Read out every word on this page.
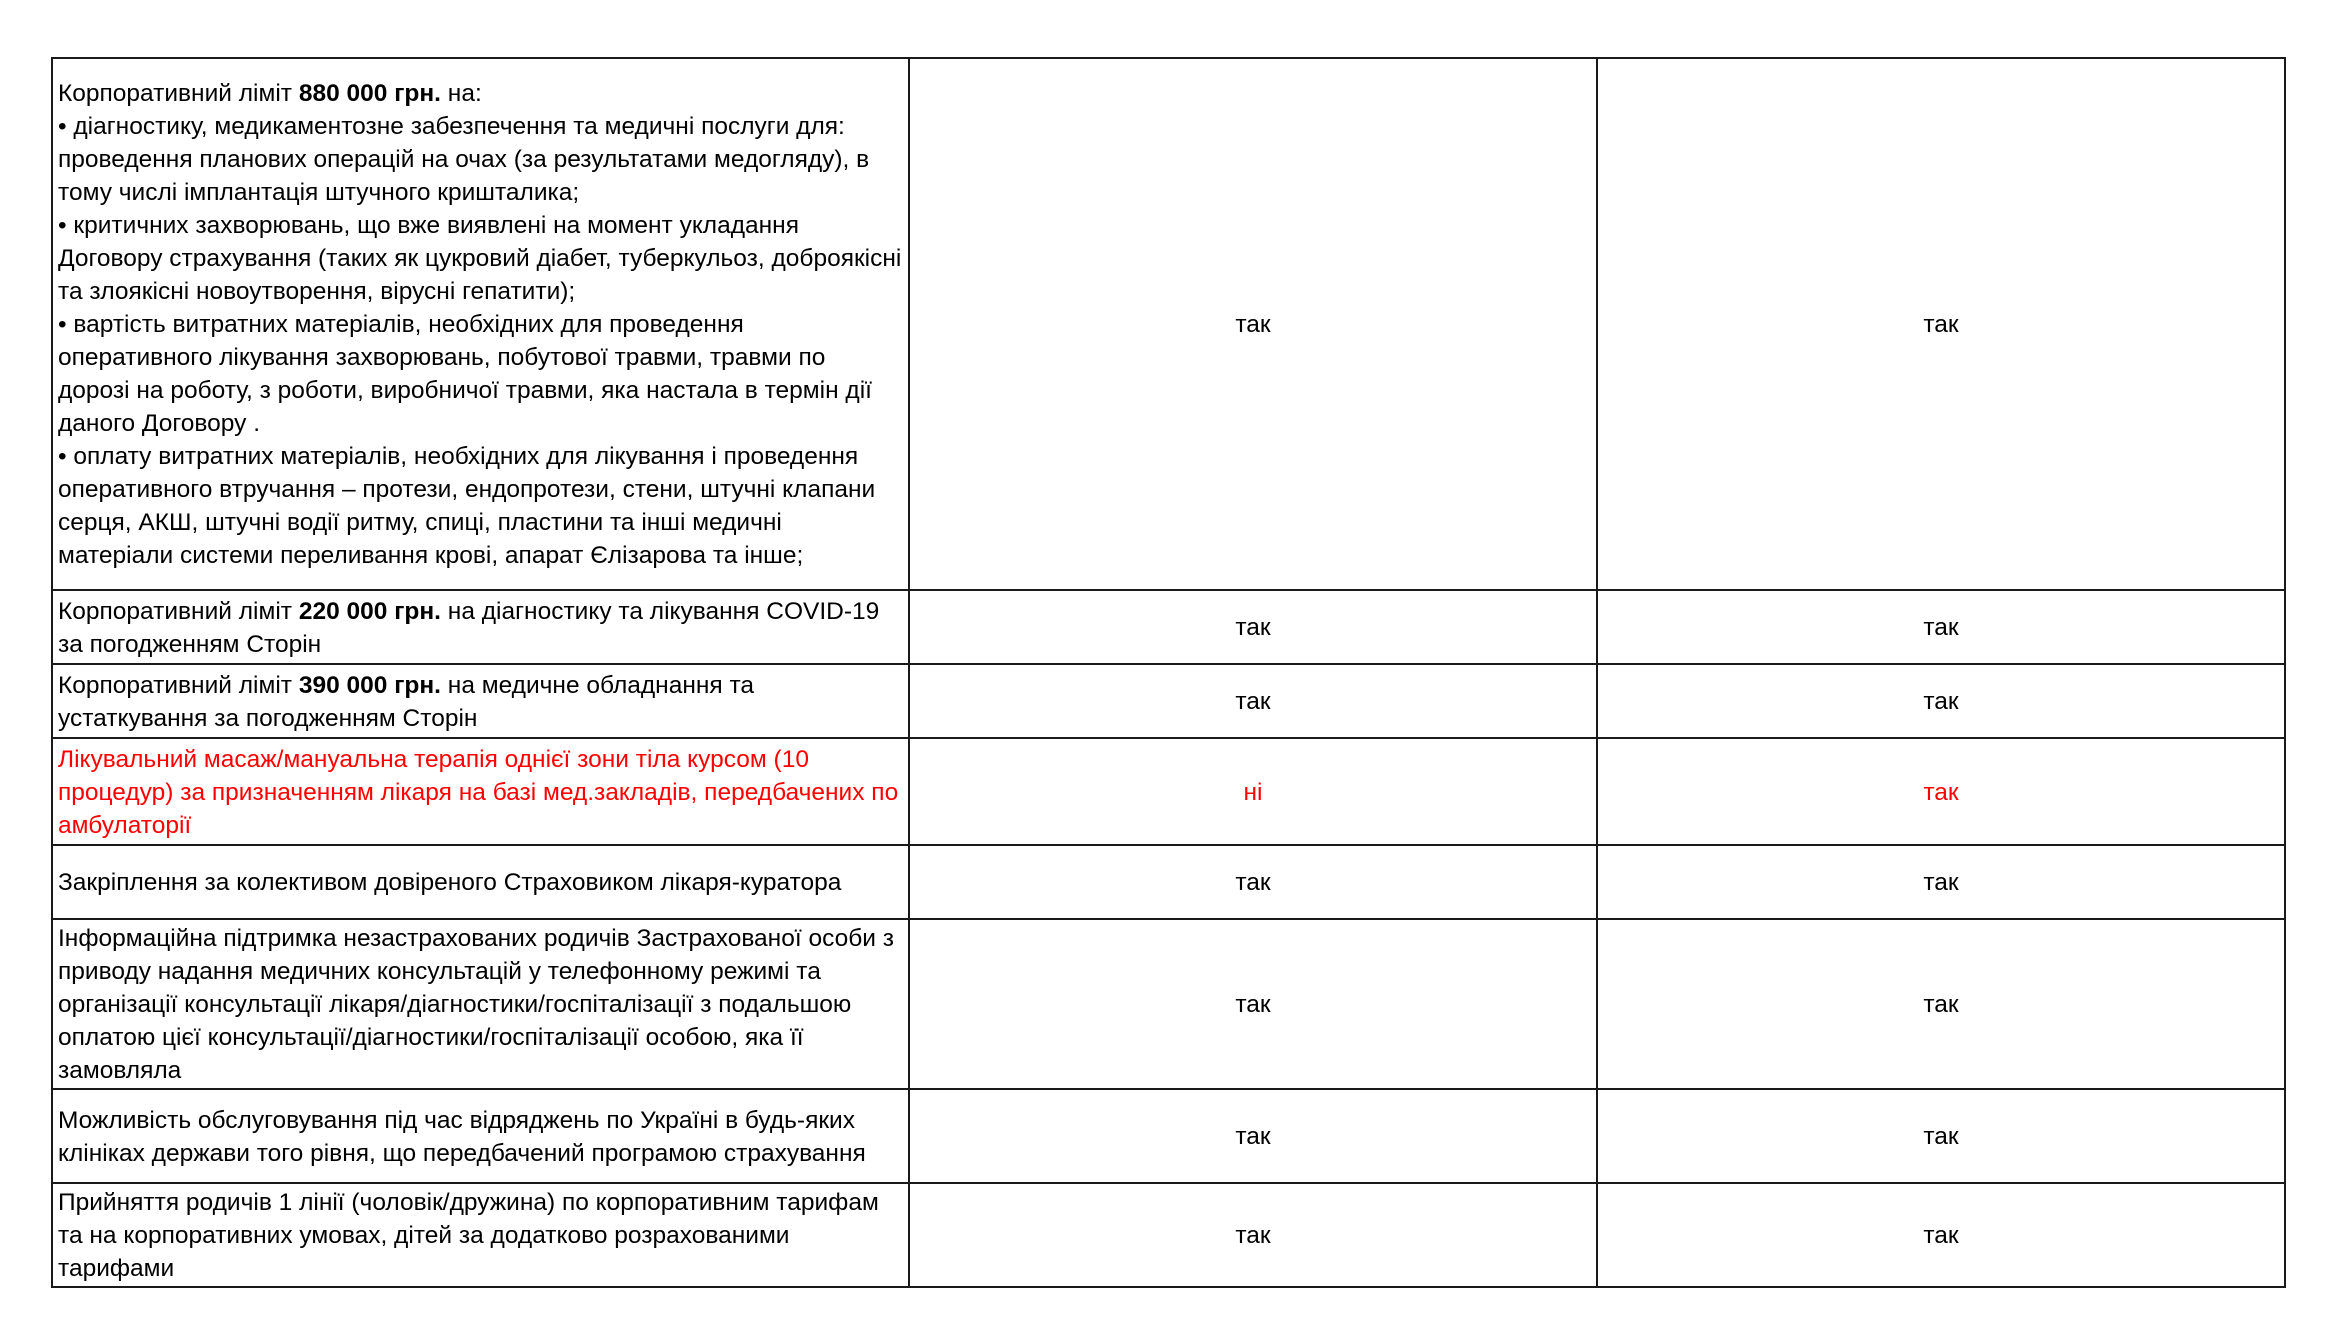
Корпоративний ліміт 880 000 грн. на:
• діагностику, медикаментозне забезпечення та медичні послуги для: проведення планових операцій на очах (за результатами медогляду), в тому числі імплантація штучного кришталика;
• критичних захворювань, що вже виявлені на момент укладання Договору страхування (таких як цукровий діабет, туберкульоз, доброякісні та злоякісні новоутворення, вірусні гепатити);
• вартість витратних матеріалів, необхідних для проведення оперативного лікування захворювань, побутової травми, травми по дорозі на роботу, з роботи, виробничої травми, яка настала в термін дії даного Договору .
• оплату витратних матеріалів, необхідних для лікування і проведення оперативного втручання – протези, ендопротези, стени, штучні клапани серця, АКШ, штучні водії ритму, спиці, пластини та інші медичні матеріали системи переливання крові, апарат Єлізарова та інше;	так	так
Корпоративний ліміт 220 000 грн. на діагностику та лікування COVID-19 за погодженням Сторін	так	так
Корпоративний ліміт 390 000 грн. на медичне обладнання та устаткування за погодженням Сторін	так	так
Лікувальний масаж/мануальна терапія однієї зони тіла курсом (10 процедур) за призначенням лікаря на базі мед.закладів, передбачених по амбулаторії	ні	так
Закріплення за колективом довіреного Страховиком лікаря-куратора	так	так
Інформаційна підтримка незастрахованих родичів Застрахованої особи з приводу надання медичних консультацій у телефонному режимі та організації консультації лікаря/діагностики/госпіталізації з подальшою оплатою цієї консультації/діагностики/госпіталізації особою, яка її замовляла	так	так
Можливість обслуговування під час відряджень по Україні в будь-яких клініках держави того рівня, що передбачений програмою страхування	так	так
Прийняття родичів 1 лінії (чоловік/дружина) по корпоративним тарифам та на корпоративних умовах, дітей за додатково розрахованими тарифами	так	так
